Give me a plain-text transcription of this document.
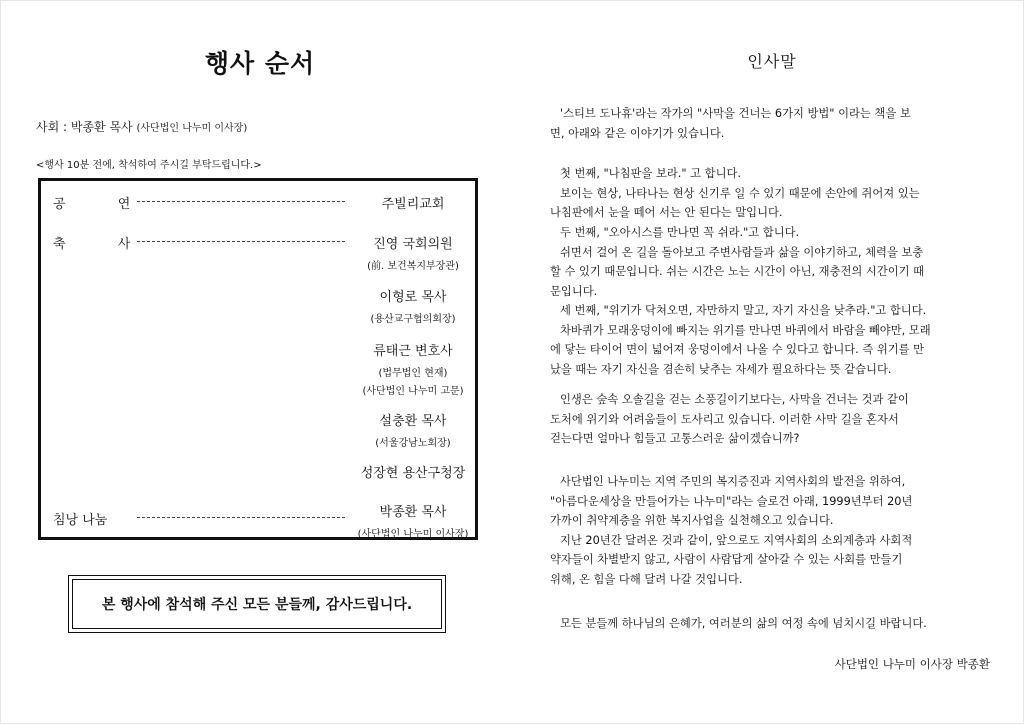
행사 순서
사회 : 박종환 목사 (사단법인 나누미 이사장)
<행사 10분 전에, 착석하여 주시길 부탁드립니다.>
공 연	주빌리교회
축 사	진영 국회의원
(前. 보건복지부장관)
이형로 목사
(용산교구협의회장)
류태근 변호사
(법무법인 현재)
(사단법인 나누미 고문)
설충환 목사
(서울강남노회장)
성장현 용산구청장
침낭 나눔
박종환 목사
(사단법인 나누미 이사장)
본 행사에 참석해 주신 모든 분들께, 감사드립니다.
인사말
'스티브 도나휴'라는 작가의 "사막을 건너는 6가지 방법" 이라는 책을 보
면, 아래와 같은 이야기가 있습니다.
첫 번째, "나침판을 보라." 고 합니다.
보이는 현상, 나타나는 현상 신기루 일 수 있기 때문에 손안에 쥐어져 있는
나침판에서 눈을 떼어 서는 안 된다는 말입니다.
두 번째, "오아시스를 만나면 꼭 쉬라."고 합니다.
쉬면서 걸어 온 길을 돌아보고 주변사람들과 삶을 이야기하고, 체력을 보충
할 수 있기 때문입니다. 쉬는 시간은 노는 시간이 아닌, 재충전의 시간이기 때
문입니다.
세 번째, "위기가 닥쳐오면, 자만하지 말고, 자기 자신을 낮추라."고 합니다.
차바퀴가 모래웅덩이에 빠지는 위기를 만나면 바퀴에서 바람을 빼야만, 모래
에 닿는 타이어 면이 넓어져 웅덩이에서 나올 수 있다고 합니다. 즉 위기를 만
났을 때는 자기 자신을 겸손히 낮추는 자세가 필요하다는 뜻 같습니다.
인생은 숲속 오솔길을 걷는 소풍길이기보다는, 사막을 건너는 것과 같이
도처에 위기와 어려움들이 도사리고 있습니다. 이러한 사막 길을 혼자서
걷는다면 얼마나 힘들고 고통스러운 삶이겠습니까?
사단법인 나누미는 지역 주민의 복지증진과 지역사회의 발전을 위하여,
"아름다운세상을 만들어가는 나누미"라는 슬로건 아래, 1999년부터 20년
가까이 취약계층을 위한 복지사업을 실천해오고 있습니다.
지난 20년간 달려온 것과 같이, 앞으로도 지역사회의 소외계층과 사회적
약자들이 차별받지 않고, 사람이 사람답게 살아갈 수 있는 사회를 만들기
위해, 온 힘을 다해 달려 나갈 것입니다.
모든 분들께 하나님의 은혜가, 여러분의 삶의 여정 속에 넘치시길 바랍니다.
사단법인 나누미 이사장 박종환
